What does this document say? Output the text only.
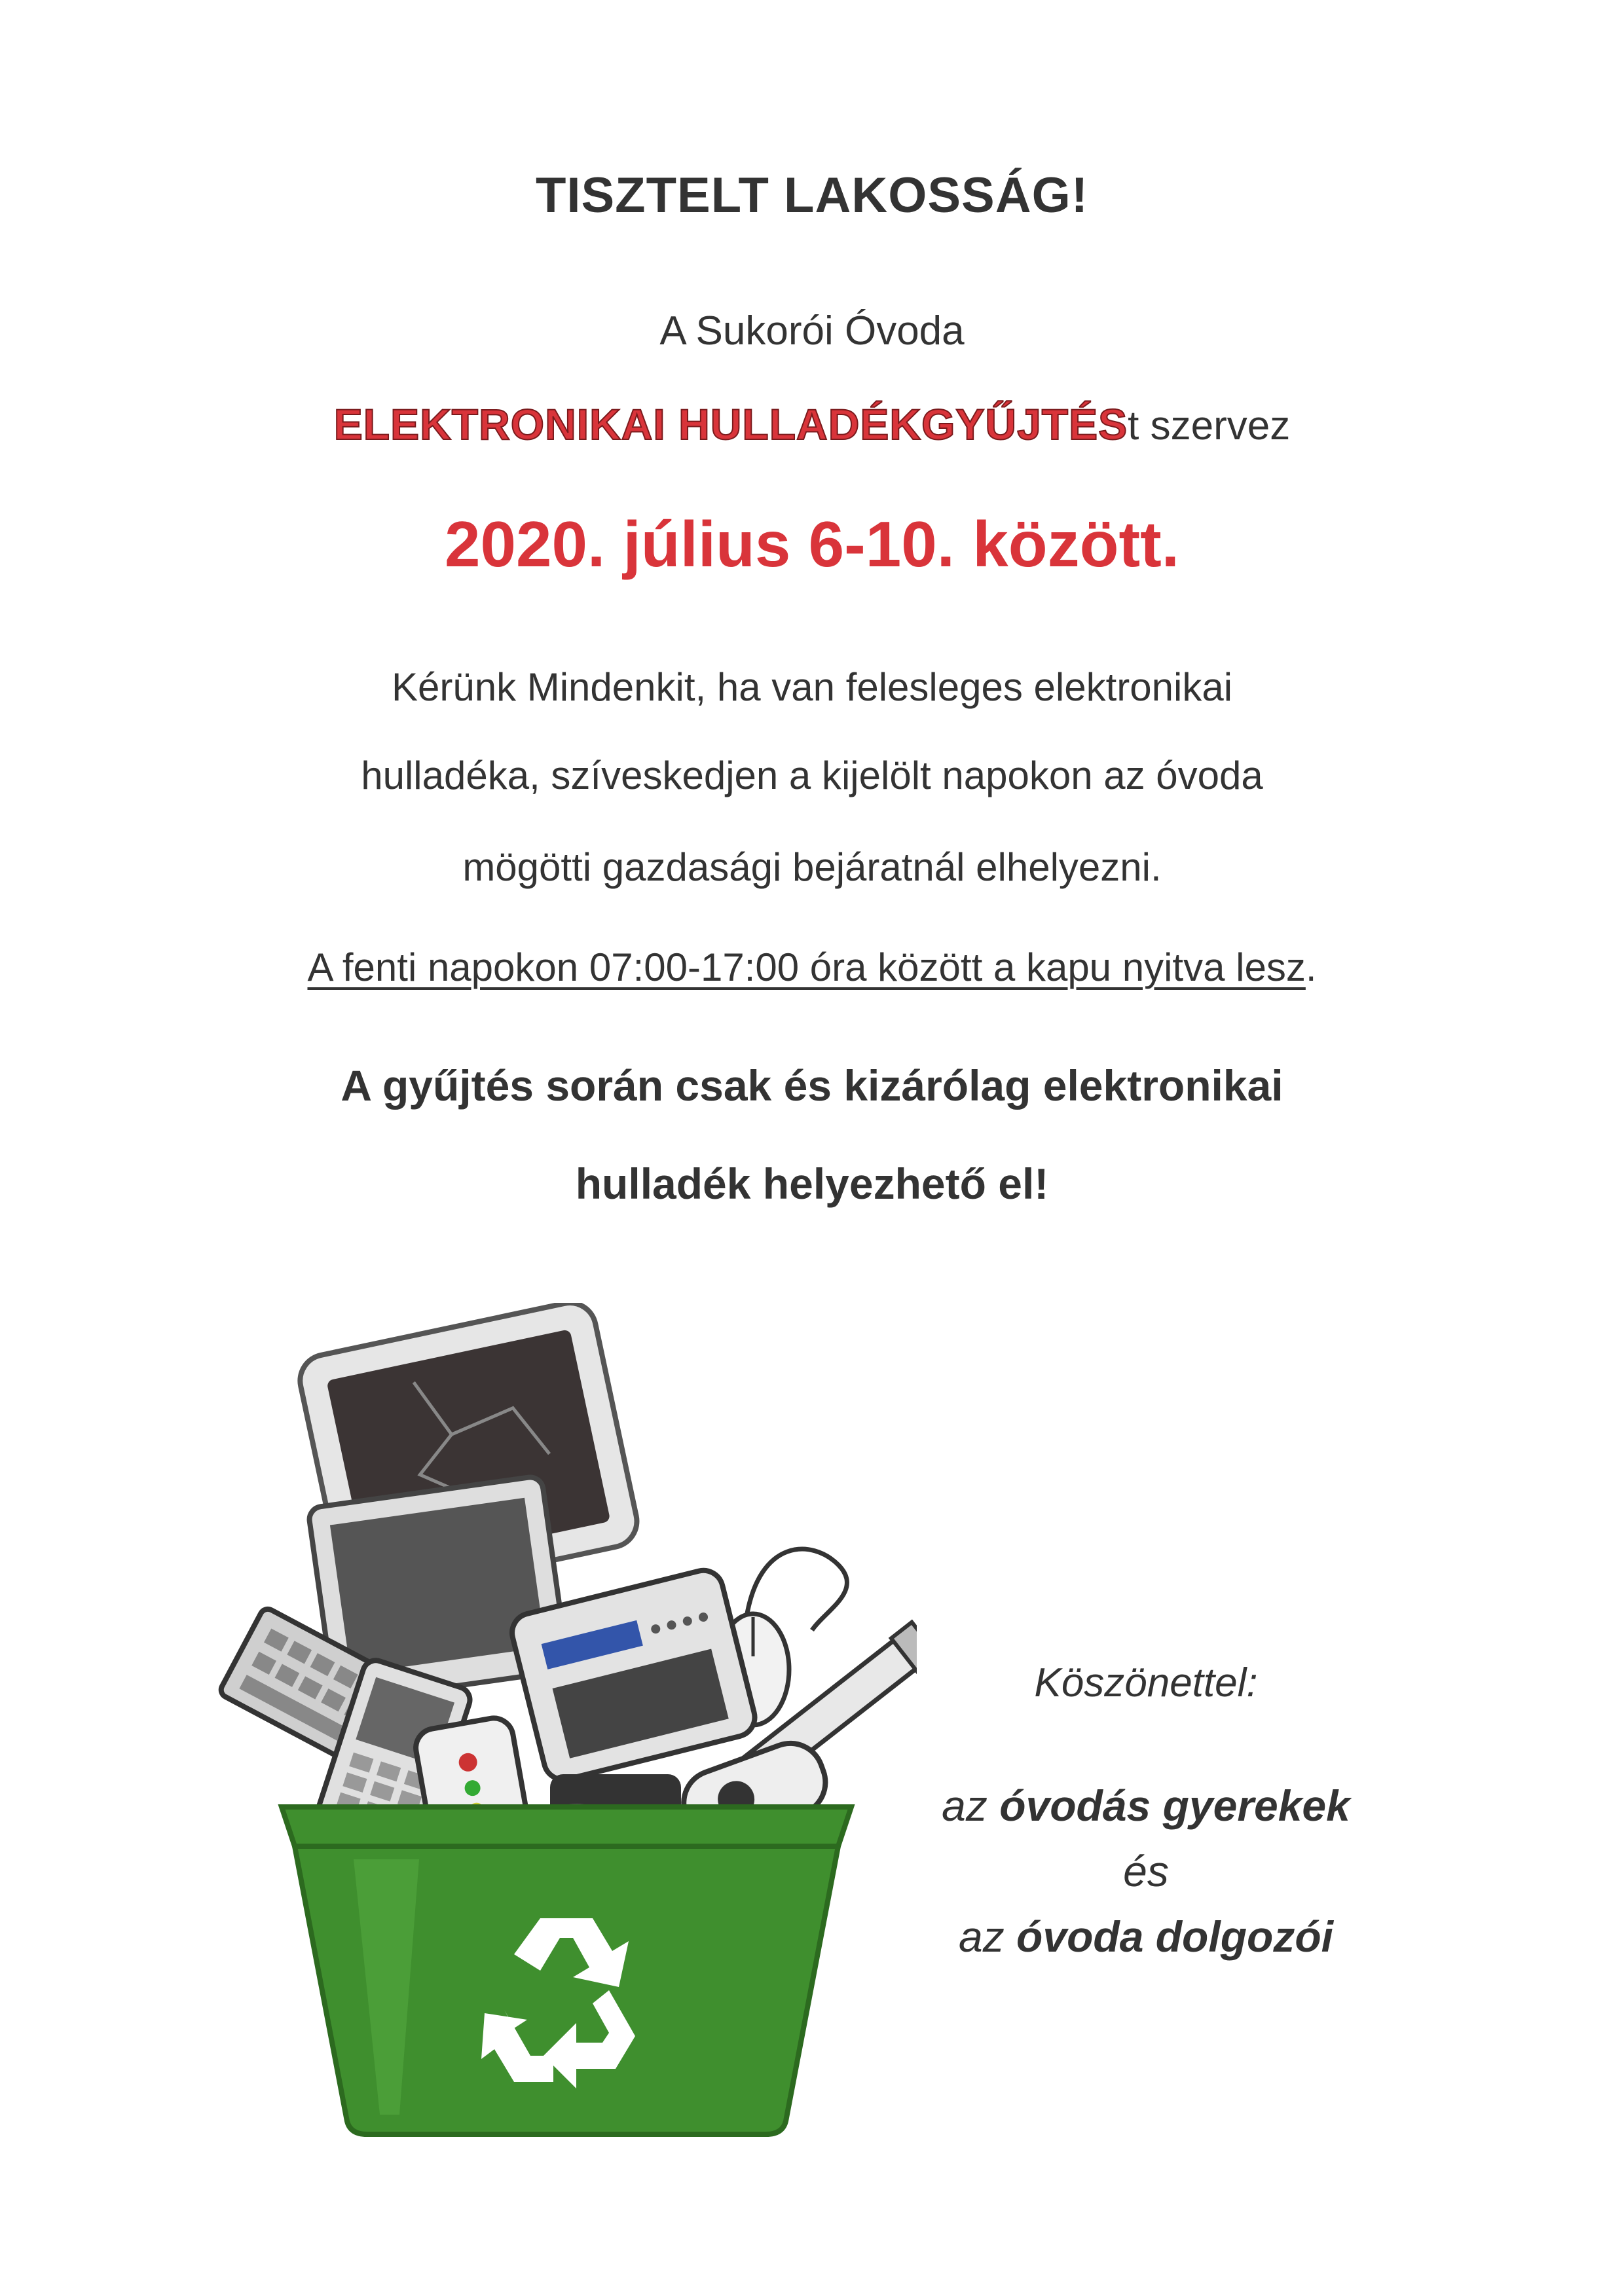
TISZTELT LAKOSSÁG!
A Sukorói Óvoda
ELEKTRONIKAI HULLADÉKGYŰJTÉSt szervez
2020. július 6-10. között.
Kérünk Mindenkit, ha van felesleges elektronikai
hulladéka, szíveskedjen a kijelölt napokon az óvoda
mögötti gazdasági bejáratnál elhelyezni.
A fenti napokon 07:00-17:00 óra között a kapu nyitva lesz.
A gyűjtés során csak és kizárólag elektronikai
hulladék helyezhető el!
Köszönettel:
az óvodás gyerekek
és
az óvoda dolgozói
